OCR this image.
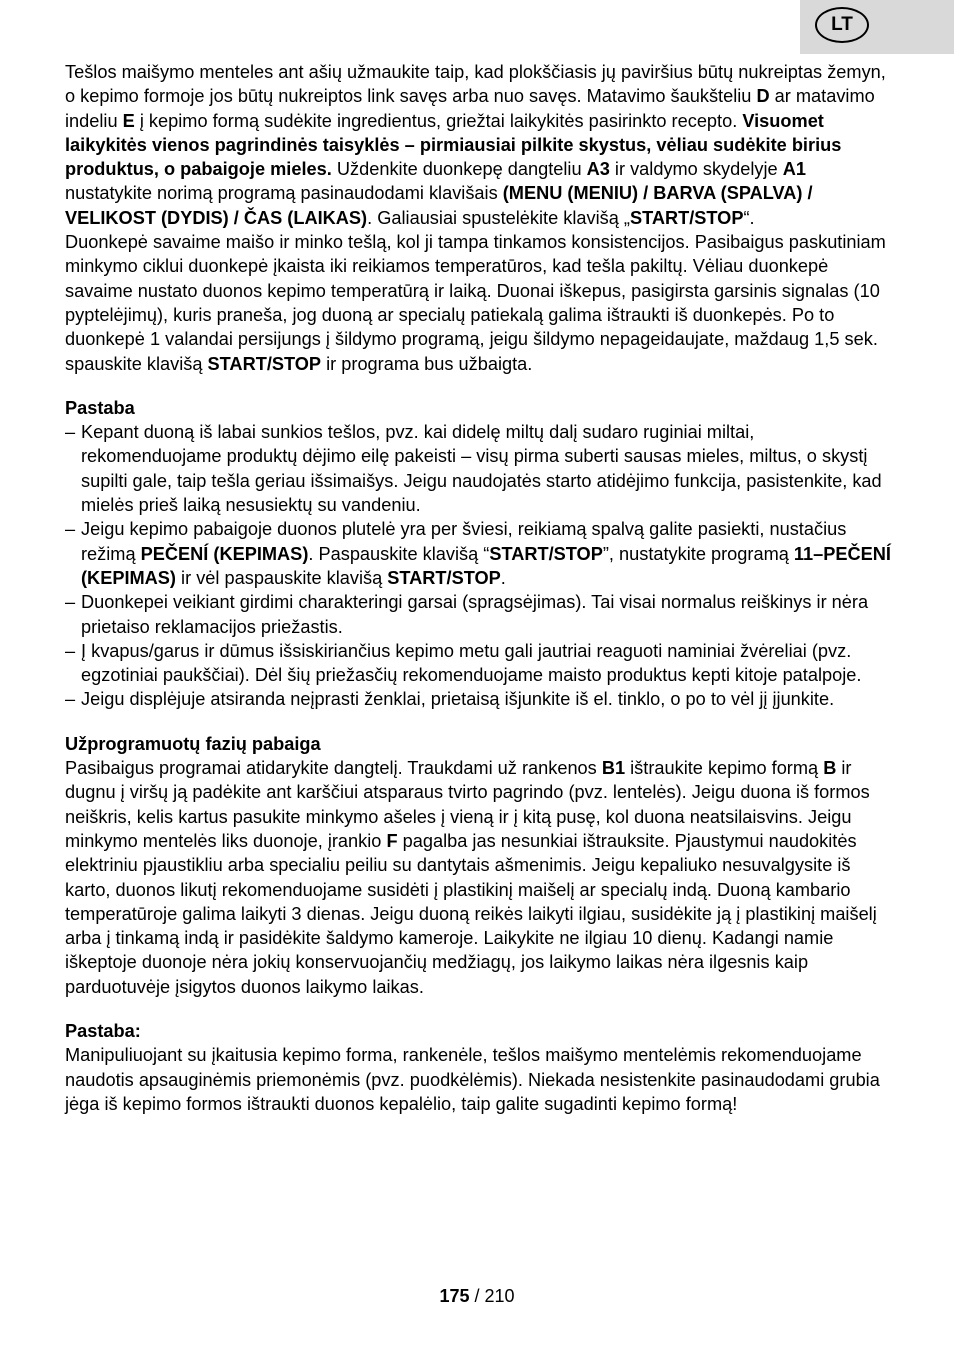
LT

Tešlos maišymo menteles ant ašių užmaukite taip, kad plokščiasis jų paviršius būtų nukreiptas žemyn, o kepimo formoje jos būtų nukreiptos link savęs arba nuo savęs. Matavimo šaukšteliu D ar matavimo indeliu E į kepimo formą sudėkite ingredientus, griežtai laikykitės pasirinkto recepto. Visuomet laikykitės vienos pagrindinės taisyklės – pirmiausiai pilkite skystus, vėliau sudėkite birius produktus, o pabaigoje mieles. Uždenkite duonkepę dangteliu A3 ir valdymo skydelyje A1 nustatykite norimą programą pasinaudodami klavišais (MENU (MENIU) / BARVA (SPALVA) / VELIKOST (DYDIS) / ČAS (LAIKAS). Galiausiai spustelėkite klavišą „START/STOP“.

Duonkepė savaime maišo ir minko tešlą, kol ji tampa tinkamos konsistencijos. Pasibaigus paskutiniam minkymo ciklui duonkepė įkaista iki reikiamos temperatūros, kad tešla pakiltų. Vėliau duonkepė savaime nustato duonos kepimo temperatūrą ir laiką. Duonai iškepus, pasigirsta garsinis signalas (10 pyptelėjimų), kuris praneša, jog duoną ar specialų patiekalą galima ištraukti iš duonkepės. Po to duonkepė 1 valandai persijungs į šildymo programą, jeigu šildymo nepageidaujate, maždaug 1,5 sek. spauskite klavišą START/STOP ir programa bus užbaigta.

Pastaba

– Kepant duoną iš labai sunkios tešlos, pvz. kai didelę miltų dalį sudaro ruginiai miltai, rekomenduojame produktų dėjimo eilę pakeisti – visų pirma suberti sausas mieles, miltus, o skystį supilti gale, taip tešla geriau išsimaišys. Jeigu naudojatės starto atidėjimo funkcija, pasistenkite, kad mielės prieš laiką nesusiektų su vandeniu.
– Jeigu kepimo pabaigoje duonos plutelė yra per šviesi, reikiamą spalvą galite pasiekti, nustačius režimą PEČENÍ (KEPIMAS). Paspauskite klavišą “START/STOP”, nustatykite programą 11–PEČENÍ (KEPIMAS) ir vėl paspauskite klavišą START/STOP.
– Duonkepei veikiant girdimi charakteringi garsai (spragsėjimas). Tai visai normalus reiškinys ir nėra prietaiso reklamacijos priežastis.
– Į kvapus/garus ir dūmus išsiskiriančius kepimo metu gali jautriai reaguoti naminiai žvėreliai (pvz. egzotiniai paukščiai). Dėl šių priežasčių rekomenduojame maisto produktus kepti kitoje patalpoje.
– Jeigu displėjuje atsiranda neįprasti ženklai, prietaisą išjunkite iš el. tinklo, o po to vėl jį įjunkite.

Užprogramuotų fazių pabaiga

Pasibaigus programai atidarykite dangtelį. Traukdami už rankenos B1 ištraukite kepimo formą B ir dugnu į viršų ją padėkite ant karščiui atsparaus tvirto pagrindo (pvz. lentelės). Jeigu duona iš formos neiškris, kelis kartus pasukite minkymo ašeles į vieną ir į kitą pusę, kol duona neatsilaisvins. Jeigu minkymo mentelės liks duonoje, įrankio F pagalba jas nesunkiai ištrauksite. Pjaustymui naudokitės elektriniu pjaustikliu arba specialiu peiliu su dantytais ašmenimis. Jeigu kepaliuko nesuvalgysite iš karto, duonos likutį rekomenduojame susidėti į plastikinį maišelį ar specialų indą. Duoną kambario temperatūroje galima laikyti 3 dienas. Jeigu duoną reikės laikyti ilgiau, susidėkite ją į plastikinį maišelį arba į tinkamą indą ir pasidėkite šaldymo kameroje. Laikykite ne ilgiau 10 dienų. Kadangi namie iškeptoje duonoje nėra jokių konservuojančių medžiagų, jos laikymo laikas nėra ilgesnis kaip parduotuvėje įsigytos duonos laikymo laikas.

Pastaba:

Manipuliuojant su įkaitusia kepimo forma, rankenėle, tešlos maišymo mentelėmis rekomenduojame naudotis apsauginėmis priemonėmis (pvz. puodkėlėmis). Niekada nesistenkite pasinaudodami grubia jėga iš kepimo formos ištraukti duonos kepalėlio, taip galite sugadinti kepimo formą!

175 / 210
